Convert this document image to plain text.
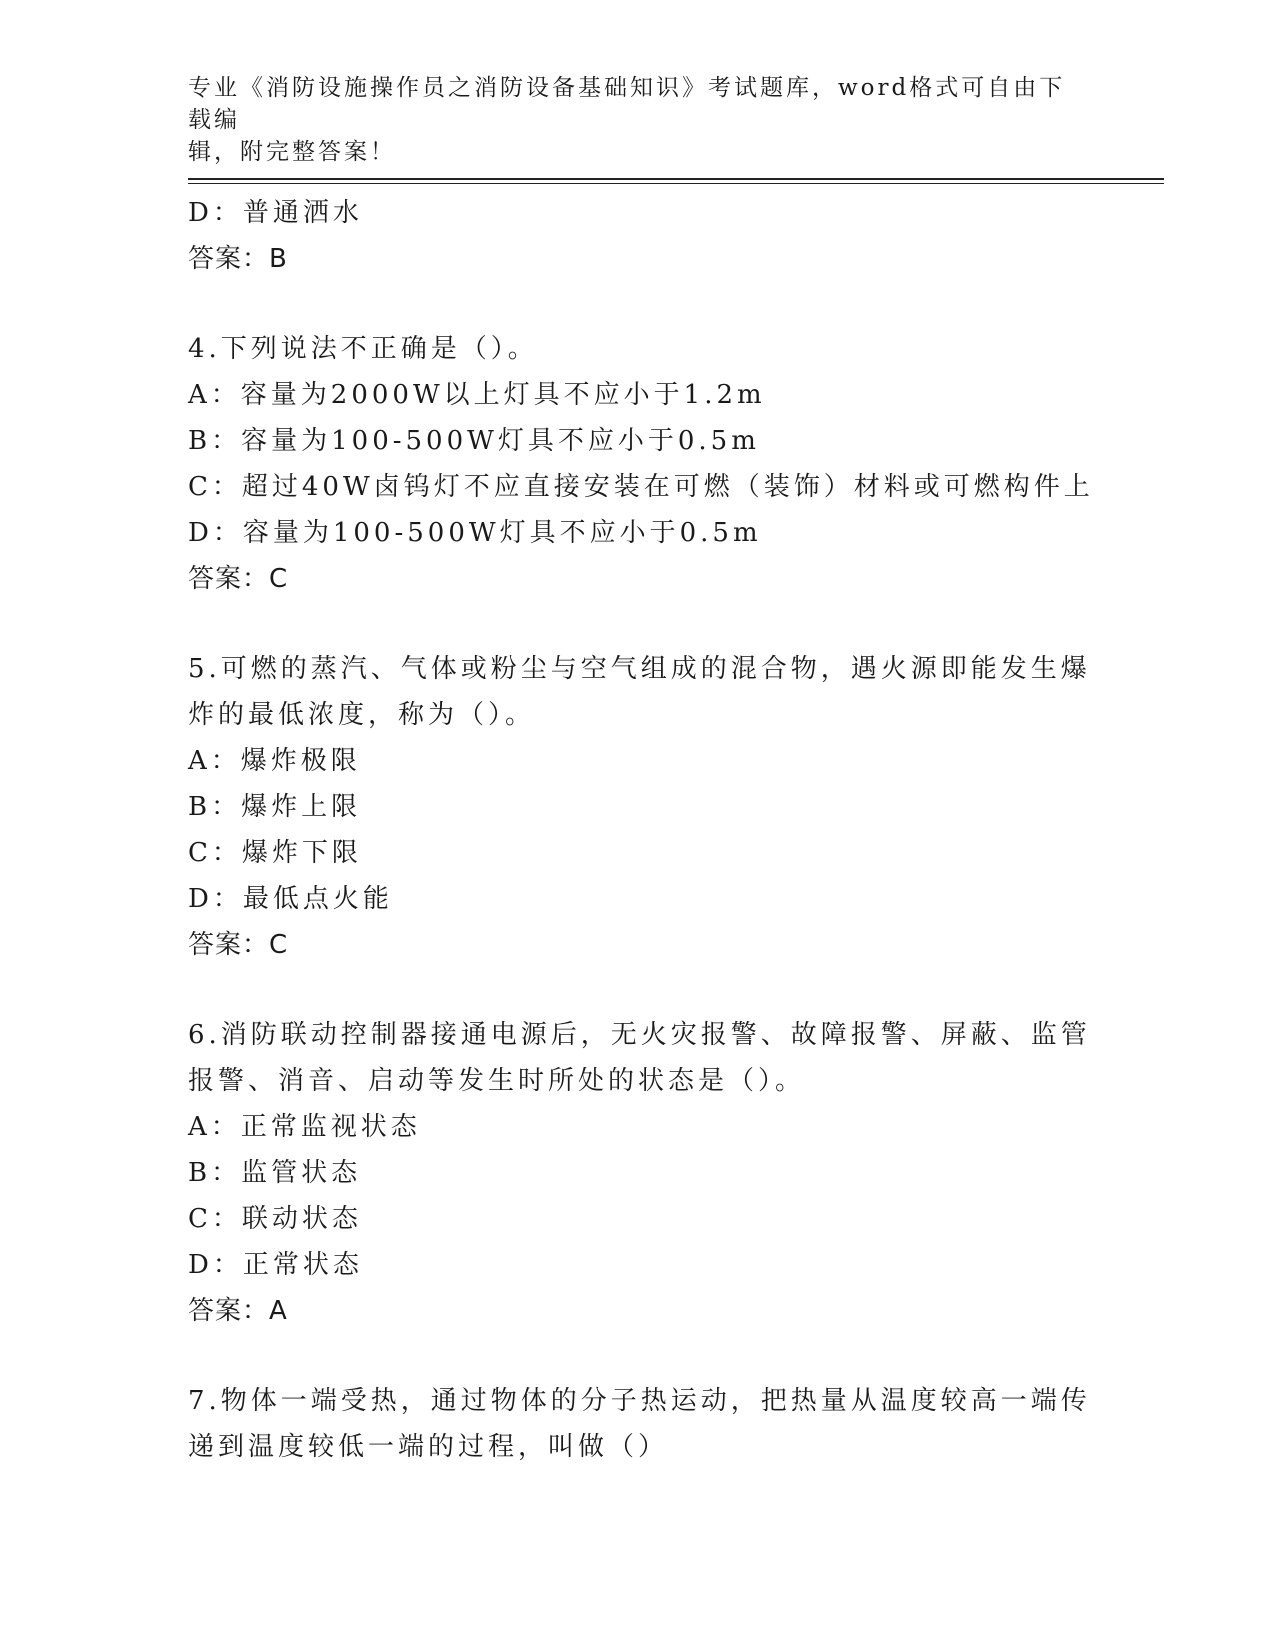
专业《消防设施操作员之消防设备基础知识》考试题库，word格式可自由下载编
辑，附完整答案！
D：普通洒水
答案：B
4.下列说法不正确是（）。
A：容量为2000W以上灯具不应小于1.2m
B：容量为100-500W灯具不应小于0.5m
C：超过40W卤钨灯不应直接安装在可燃（装饰）材料或可燃构件上
D：容量为100-500W灯具不应小于0.5m
答案：C
5.可燃的蒸汽、气体或粉尘与空气组成的混合物，遇火源即能发生爆
炸的最低浓度，称为（）。
A：爆炸极限
B：爆炸上限
C：爆炸下限
D：最低点火能
答案：C
6.消防联动控制器接通电源后，无火灾报警、故障报警、屏蔽、监管
报警、消音、启动等发生时所处的状态是（）。
A：正常监视状态
B：监管状态
C：联动状态
D：正常状态
答案：A
7.物体一端受热，通过物体的分子热运动，把热量从温度较高一端传
递到温度较低一端的过程，叫做（）
